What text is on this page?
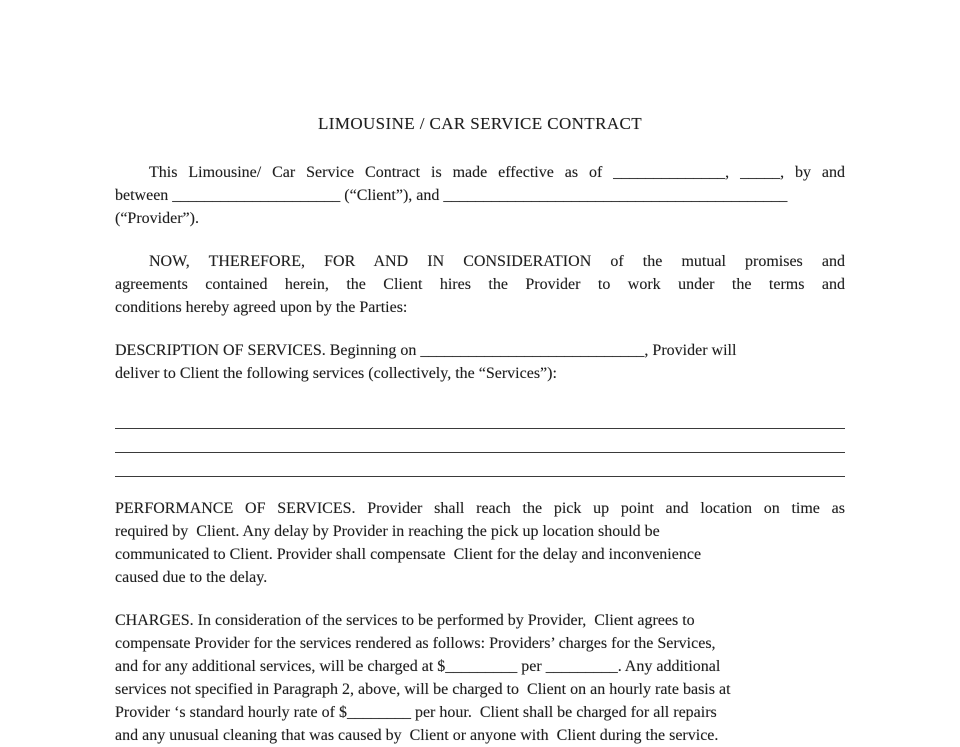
LIMOUSINE / CAR SERVICE CONTRACT
This Limousine/ Car Service Contract is made effective as of ______________, _____, by and
between _____________________ (“Client”), and ___________________________________________
(“Provider”).
NOW, THEREFORE, FOR AND IN CONSIDERATION of the mutual promises and
agreements contained herein, the Client hires the Provider to work under the terms and
conditions hereby agreed upon by the Parties:
DESCRIPTION OF SERVICES. Beginning on ____________________________, Provider will
deliver to Client the following services (collectively, the “Services”):
PERFORMANCE OF SERVICES. Provider shall reach the pick up point and location on time as
required by  Client. Any delay by Provider in reaching the pick up location should be
communicated to Client. Provider shall compensate  Client for the delay and inconvenience
caused due to the delay.
CHARGES. In consideration of the services to be performed by Provider,  Client agrees to
compensate Provider for the services rendered as follows: Providers’ charges for the Services,
and for any additional services, will be charged at $_________ per _________. Any additional
services not specified in Paragraph 2, above, will be charged to  Client on an hourly rate basis at
Provider ‘s standard hourly rate of $________ per hour.  Client shall be charged for all repairs
and any unusual cleaning that was caused by  Client or anyone with  Client during the service.
